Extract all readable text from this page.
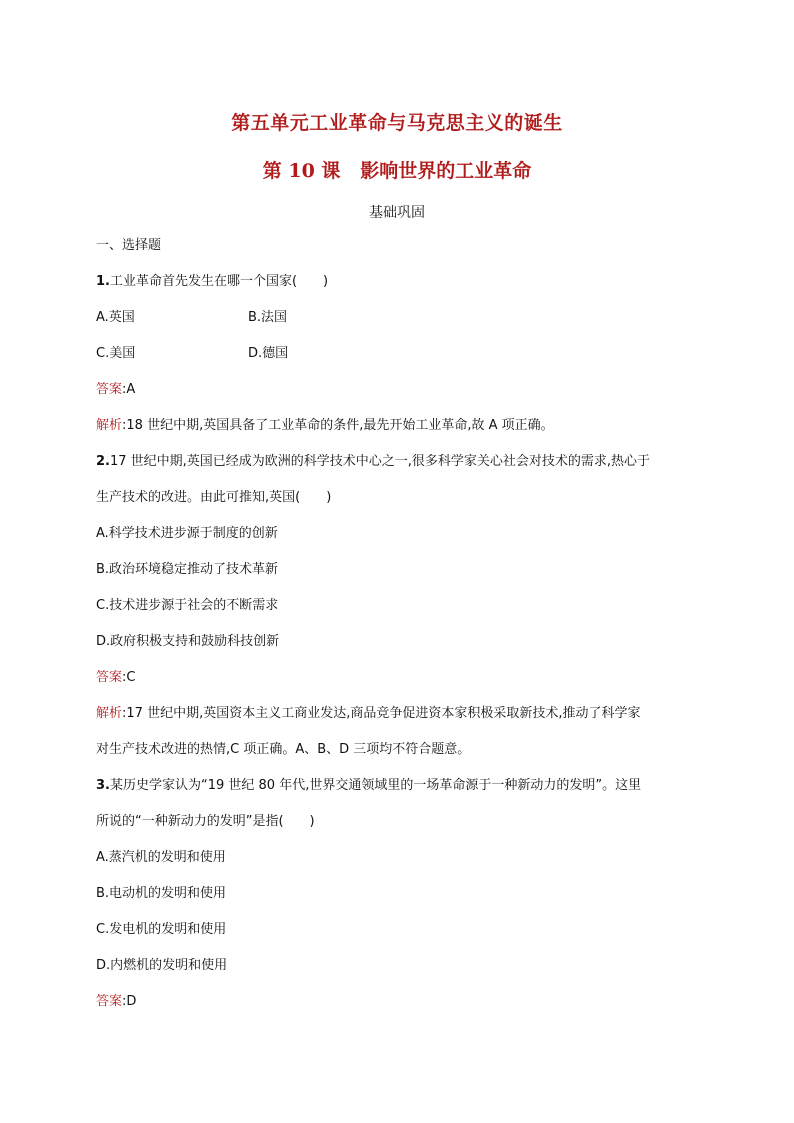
第五单元工业革命与马克思主义的诞生
第 10 课   影响世界的工业革命
基础巩固
一、选择题
1.工业革命首先发生在哪一个国家(　　)
A.英国	B.法国
C.美国	D.德国
答案:A
解析:18 世纪中期,英国具备了工业革命的条件,最先开始工业革命,故 A 项正确。
2.17 世纪中期,英国已经成为欧洲的科学技术中心之一,很多科学家关心社会对技术的需求,热心于
生产技术的改进。由此可推知,英国(　　)
A.科学技术进步源于制度的创新
B.政治环境稳定推动了技术革新
C.技术进步源于社会的不断需求
D.政府积极支持和鼓励科技创新
答案:C
解析:17 世纪中期,英国资本主义工商业发达,商品竞争促进资本家积极采取新技术,推动了科学家
对生产技术改进的热情,C 项正确。A、B、D 三项均不符合题意。
3.某历史学家认为“19 世纪 80 年代,世界交通领域里的一场革命源于一种新动力的发明”。这里
所说的“一种新动力的发明”是指(　　)
A.蒸汽机的发明和使用
B.电动机的发明和使用
C.发电机的发明和使用
D.内燃机的发明和使用
答案:D
